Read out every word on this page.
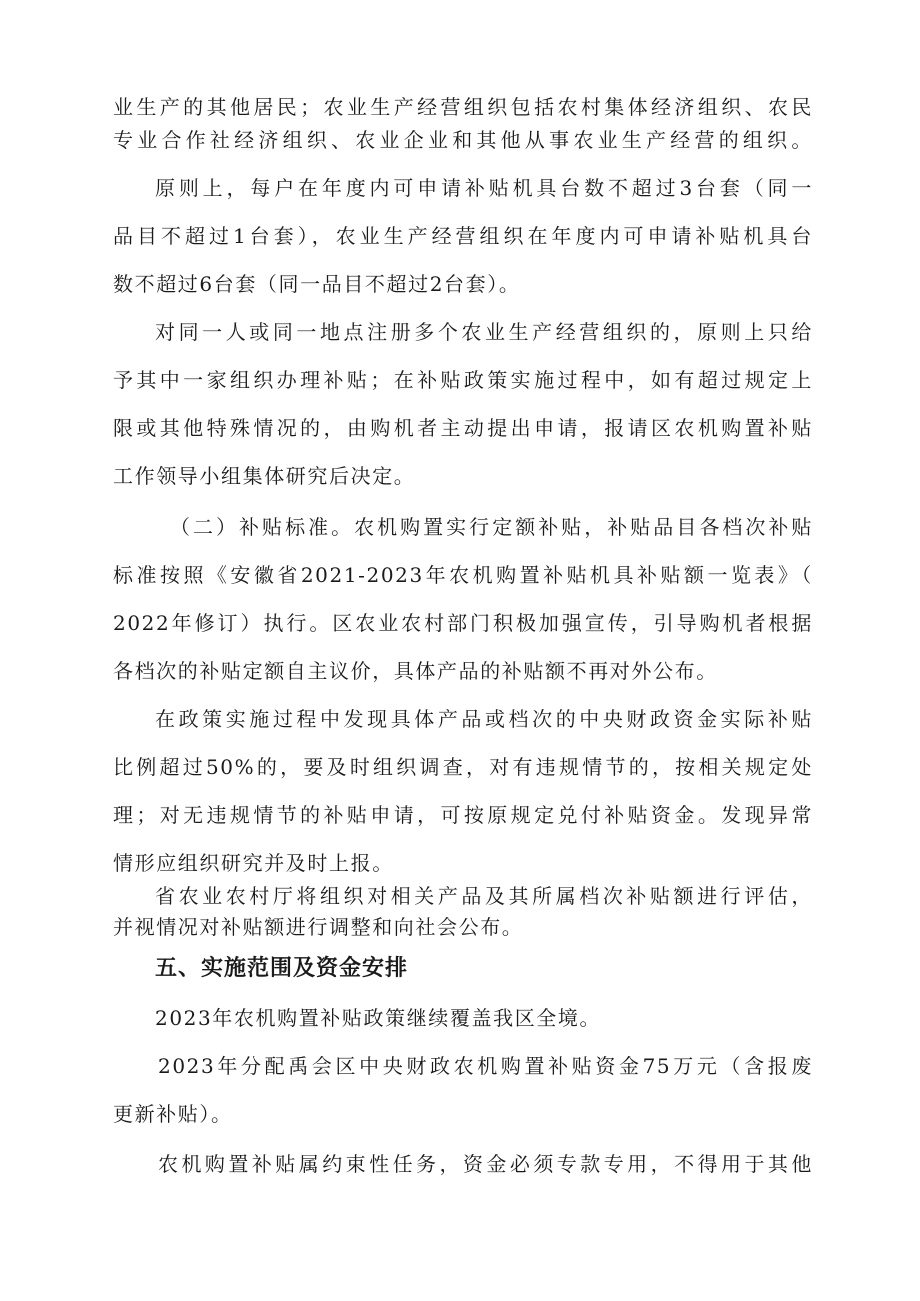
业生产的其他居民；农业生产经营组织包括农村集体经济组织、农民
专业合作社经济组织、农业企业和其他从事农业生产经营的组织。
原则上，每户在年度内可申请补贴机具台数不超过3台套（同一
品目不超过1台套），农业生产经营组织在年度内可申请补贴机具台
数不超过6台套（同一品目不超过2台套）。
对同一人或同一地点注册多个农业生产经营组织的，原则上只给
予其中一家组织办理补贴；在补贴政策实施过程中，如有超过规定上
限或其他特殊情况的，由购机者主动提出申请，报请区农机购置补贴
工作领导小组集体研究后决定。
（二）补贴标准。农机购置实行定额补贴，补贴品目各档次补贴
标准按照《安徽省2021-2023年农机购置补贴机具补贴额一览表》（
2022年修订）执行。区农业农村部门积极加强宣传，引导购机者根据
各档次的补贴定额自主议价，具体产品的补贴额不再对外公布。
在政策实施过程中发现具体产品或档次的中央财政资金实际补贴
比例超过50%的，要及时组织调查，对有违规情节的，按相关规定处
理；对无违规情节的补贴申请，可按原规定兑付补贴资金。发现异常
情形应组织研究并及时上报。
省农业农村厅将组织对相关产品及其所属档次补贴额进行评估，
并视情况对补贴额进行调整和向社会公布。
五、实施范围及资金安排
2023年农机购置补贴政策继续覆盖我区全境。
2023年分配禹会区中央财政农机购置补贴资金75万元（含报废
更新补贴）。
农机购置补贴属约束性任务，资金必须专款专用，不得用于其他
